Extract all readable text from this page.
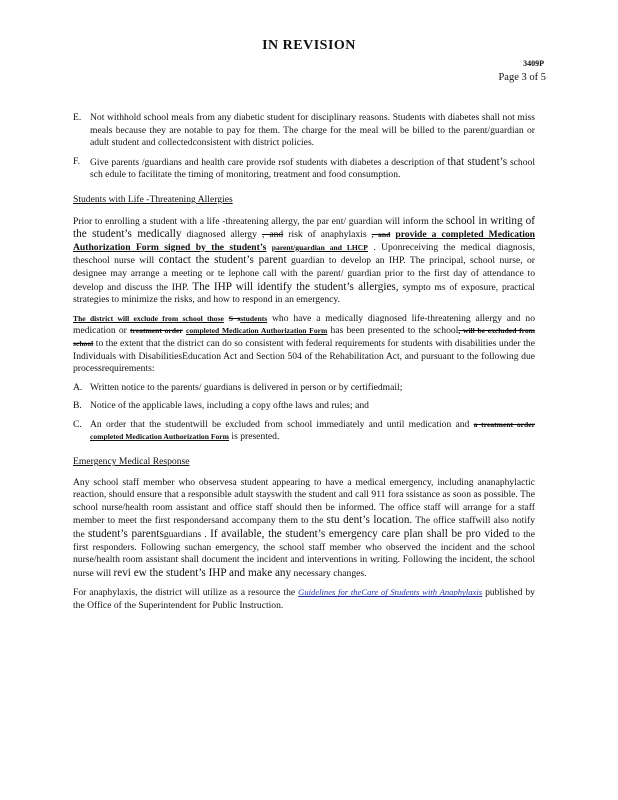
IN REVISION
3409P
Page 3 of 5
E. Not withhold school meals from any diabetic student for disciplinary reasons. Students with diabetes shall not miss meals because they are notable to pay for them. The charge for the meal will be billed to the parent/guardian or adult student and collectedconsistent with district policies.
F. Give parents /guardians and health care provide rsof students with diabetes a description of that student’s school sch edule to facilitate the timing of monitoring, treatment and food consumption.
Students with Life -Threatening Allergies

Prior to enrolling a student with a life -threatening allergy, the par ent/ guardian will inform the school in writing of the student’s medically diagnosed allergy , and risk of anaphylaxis , and provide a completed Medication Authorization Form signed by the student’s parent/guardian and LHCP . Uponreceiving the medical diagnosis, theschool nurse will contact the student’s parent guardian to develop an IHP. The principal, school nurse, or designee may arrange a meeting or te lephone call with the parent/ guardian prior to the first day of attendance to develop and discuss the IHP. The IHP will identify the student’s allergies, sympto ms of exposure, practical strategies to minimize the risks, and how to respond in an emergency.

The district will exclude from school those S sstudents who have a medically diagnosed life-threatening allergy and no medication or treatment order completed Medication Authorization Form has been presented to the school, will be excluded from school to the extent that the district can do so consistent with federal requirements for students with disabilities under the Individuals with DisabilitiesEducation Act and Section 504 of the Rehabilitation Act, and pursuant to the following due processrequirements:

A. Written notice to the parents/ guardians is delivered in person or by certifiedmail;
B. Notice of the applicable laws, including a copy ofthe laws and rules; and
C. An order that the studentwill be excluded from school immediately and until medication and a treatment order completed Medication Authorization Form is presented.
Emergency Medical Response

Any school staff member who observesa student appearing to have a medical emergency, including ananaphylactic reaction, should ensure that a responsible adult stayswith the student and call 911 fora ssistance as soon as possible. The school nurse/health room assistant and office staff should then be informed. The office staff will arrange for a staff member to meet the first respondersand accompany them to the stu dent’s location. The office staffwill also notify the student’s parentsguardians . If available, the student’s emergency care plan shall be pro vided to the first responders. Following suchan emergency, the school staff member who observed the incident and the school nurse/health room assistant shall document the incident and interventions in writing. Following the incident, the school nurse will revi ew the student’s IHP and make any necessary changes.

For anaphylaxis, the district will utilize as a resource the Guidelines for theCare of Students with Anaphylaxis published by the Office of the Superintendent for Public Instruction.
